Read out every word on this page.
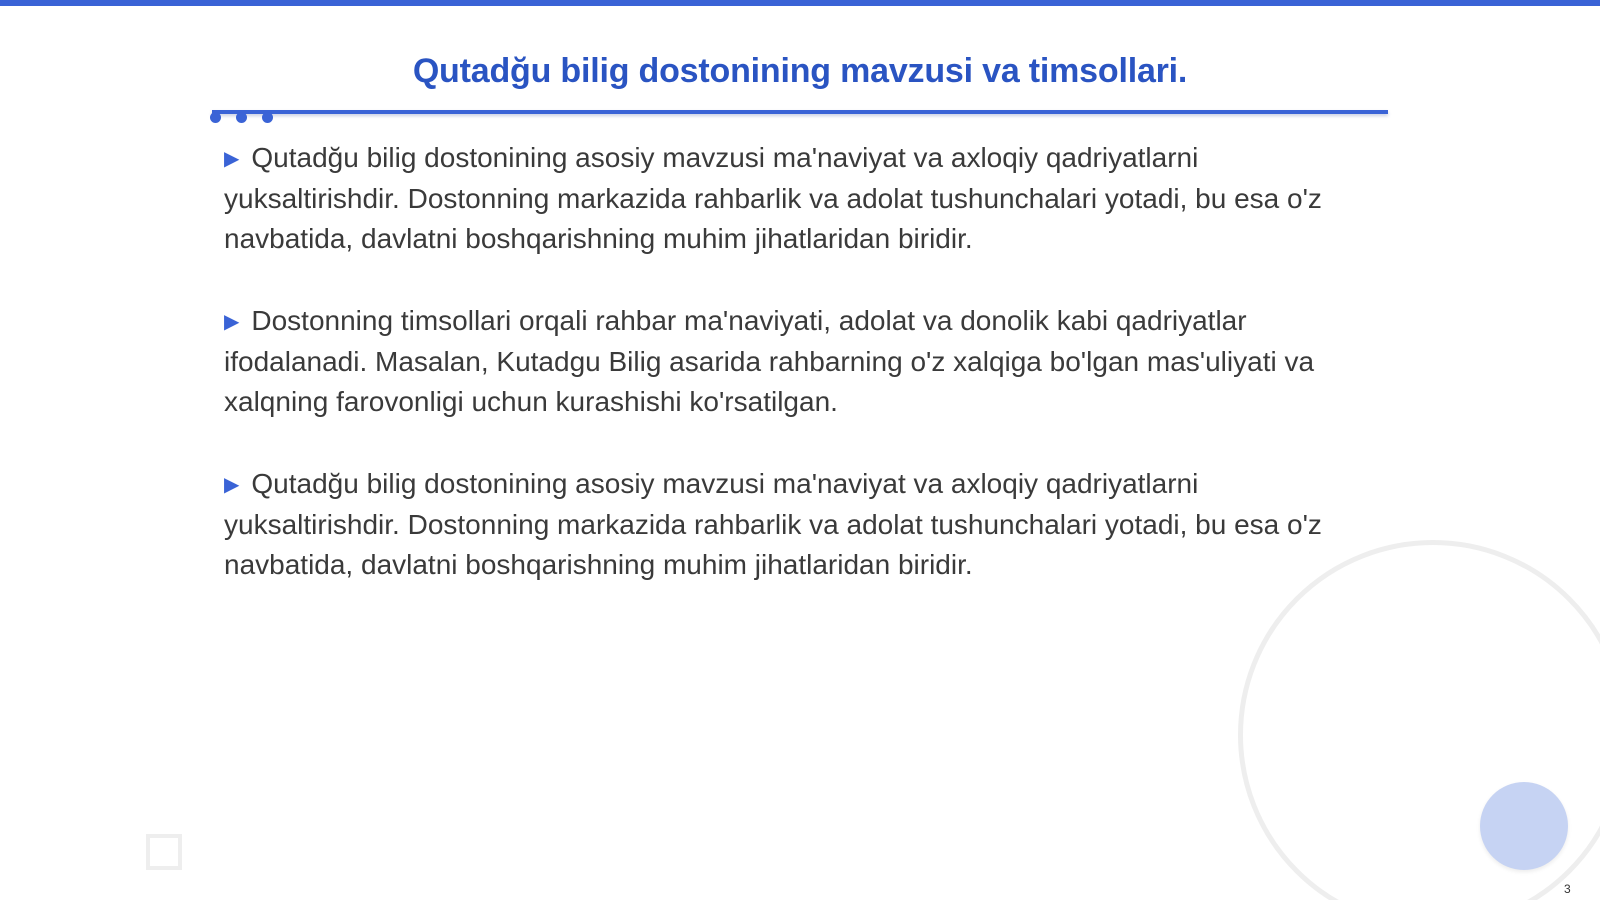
Qutadğu bilig dostonining mavzusi va timsollari.

▶ Qutadğu bilig dostonining asosiy mavzusi ma'naviyat va axloqiy qadriyatlarni yuksaltirishdir. Dostonning markazida rahbarlik va adolat tushunchalari yotadi, bu esa o'z navbatida, davlatni boshqarishning muhim jihatlaridan biridir.

▶ Dostonning timsollari orqali rahbar ma'naviyati, adolat va donolik kabi qadriyatlar ifodalanadi. Masalan, Kutadgu Bilig asarida rahbarning o'z xalqiga bo'lgan mas'uliyati va xalqning farovonligi uchun kurashishi ko'rsatilgan.

▶ Qutadğu bilig dostonining asosiy mavzusi ma'naviyat va axloqiy qadriyatlarni yuksaltirishdir. Dostonning markazida rahbarlik va adolat tushunchalari yotadi, bu esa o'z navbatida, davlatni boshqarishning muhim jihatlaridan biridir.

3
